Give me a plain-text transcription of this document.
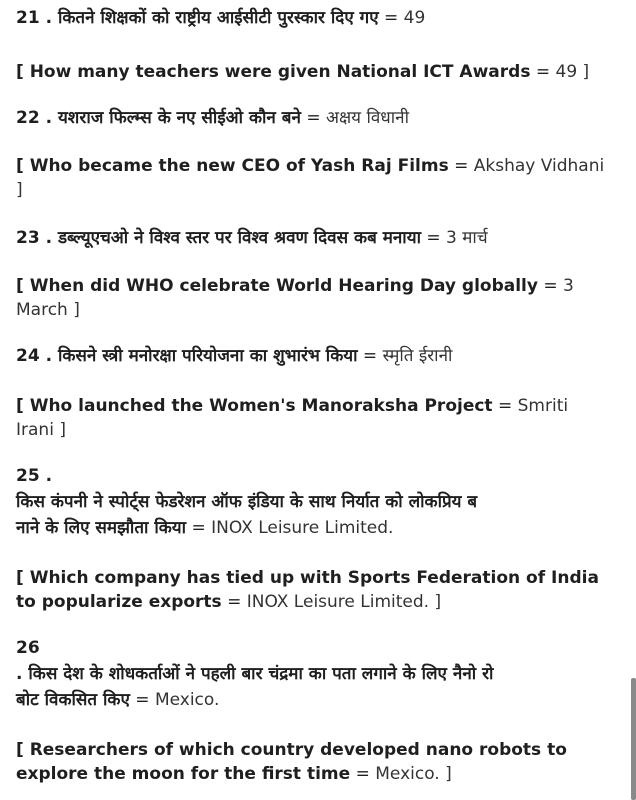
21 . कितने शिक्षकों को राष्ट्रीय आईसीटी पुरस्कार दिए गए = 49
[ How many teachers were given National ICT Awards = 49 ]
22 . यशराज फिल्म्स के नए सीईओ कौन बने = अक्षय विधानी
[ Who became the new CEO of Yash Raj Films = Akshay Vidhani
]
23 . डब्ल्यूएचओ ने विश्व स्तर पर विश्व श्रवण दिवस कब मनाया = 3 मार्च
[ When did WHO celebrate World Hearing Day globally = 3
March ]
24 . किसने स्त्री मनोरक्षा परियोजना का शुभारंभ किया = स्मृति ईरानी
[ Who launched the Women's Manoraksha Project = Smriti
Irani ]
25 .
किस कंपनी ने स्पोर्ट्स फेडरेशन ऑफ इंडिया के साथ निर्यात को लोकप्रिय ब
नाने के लिए समझौता किया = INOX Leisure Limited.
[ Which company has tied up with Sports Federation of India
to popularize exports = INOX Leisure Limited. ]
26
. किस देश के शोधकर्ताओं ने पहली बार चंद्रमा का पता लगाने के लिए नैनो रो
बोट विकसित किए = Mexico.
[ Researchers of which country developed nano robots to
explore the moon for the first time = Mexico. ]
